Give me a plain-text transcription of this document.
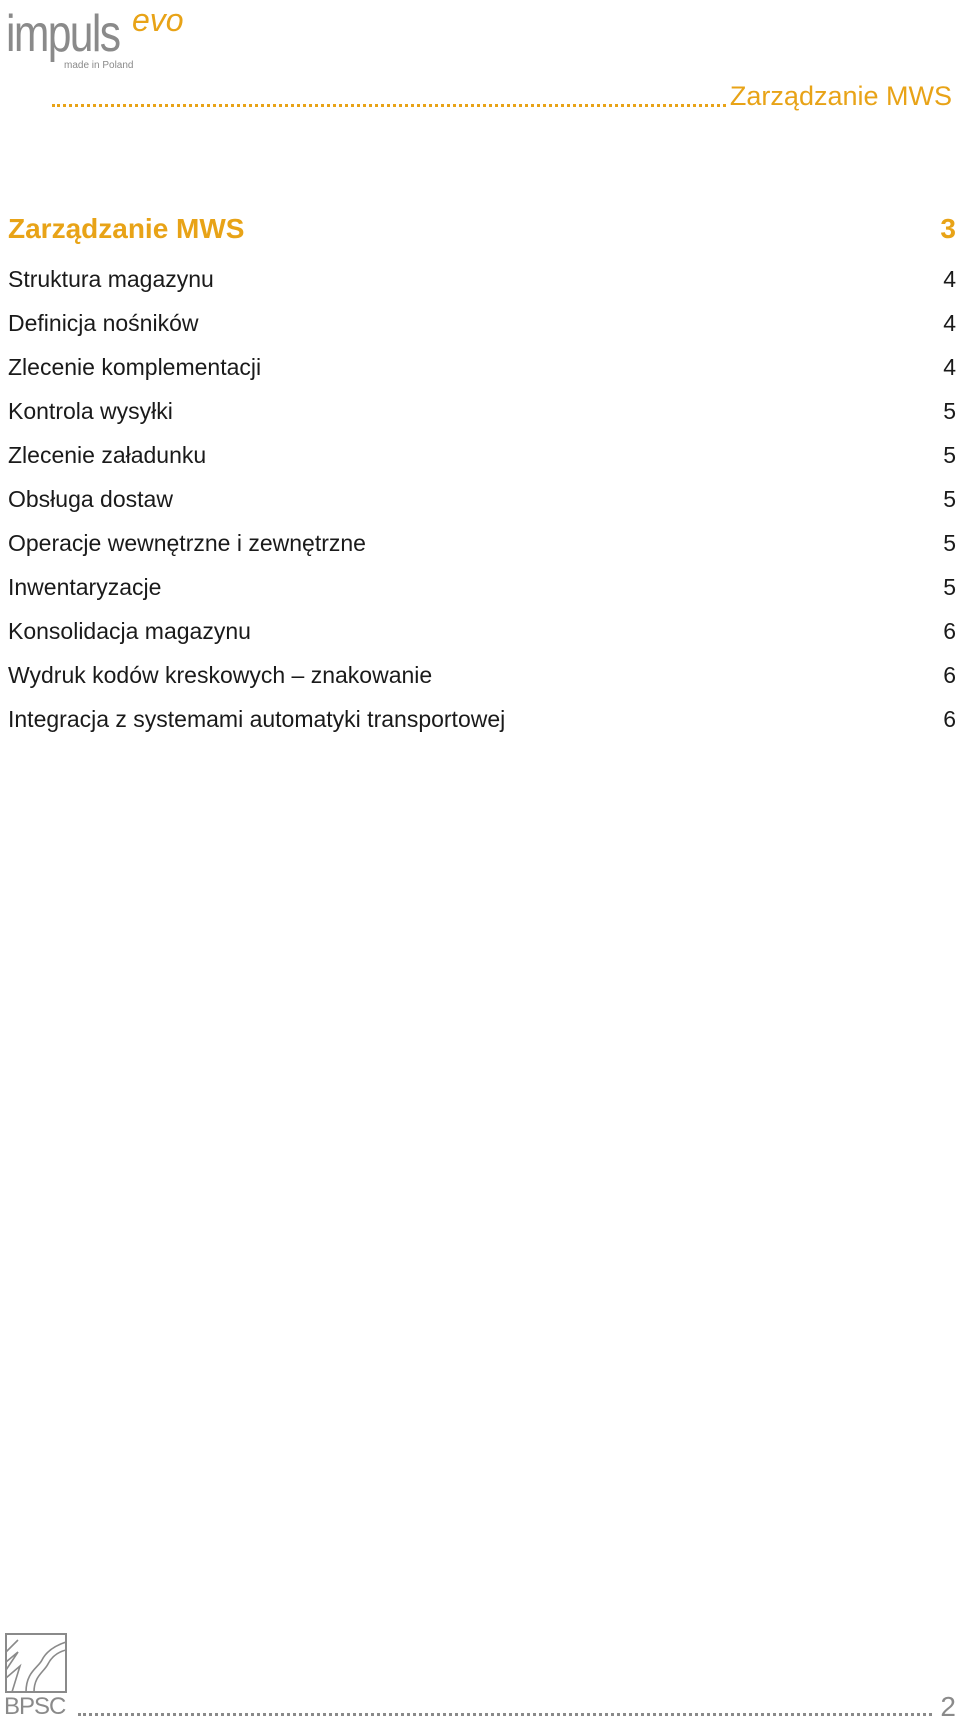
impuls evo
made in Poland
Zarządzanie MWS
Zarządzanie MWS	3
Struktura magazynu	4
Definicja nośników	4
Zlecenie komplementacji	4
Kontrola wysyłki	5
Zlecenie załadunku	5
Obsługa dostaw	5
Operacje wewnętrzne i zewnętrzne	5
Inwentaryzacje	5
Konsolidacja magazynu	6
Wydruk kodów kreskowych – znakowanie	6
Integracja z systemami automatyki transportowej	6
BPSC	2
